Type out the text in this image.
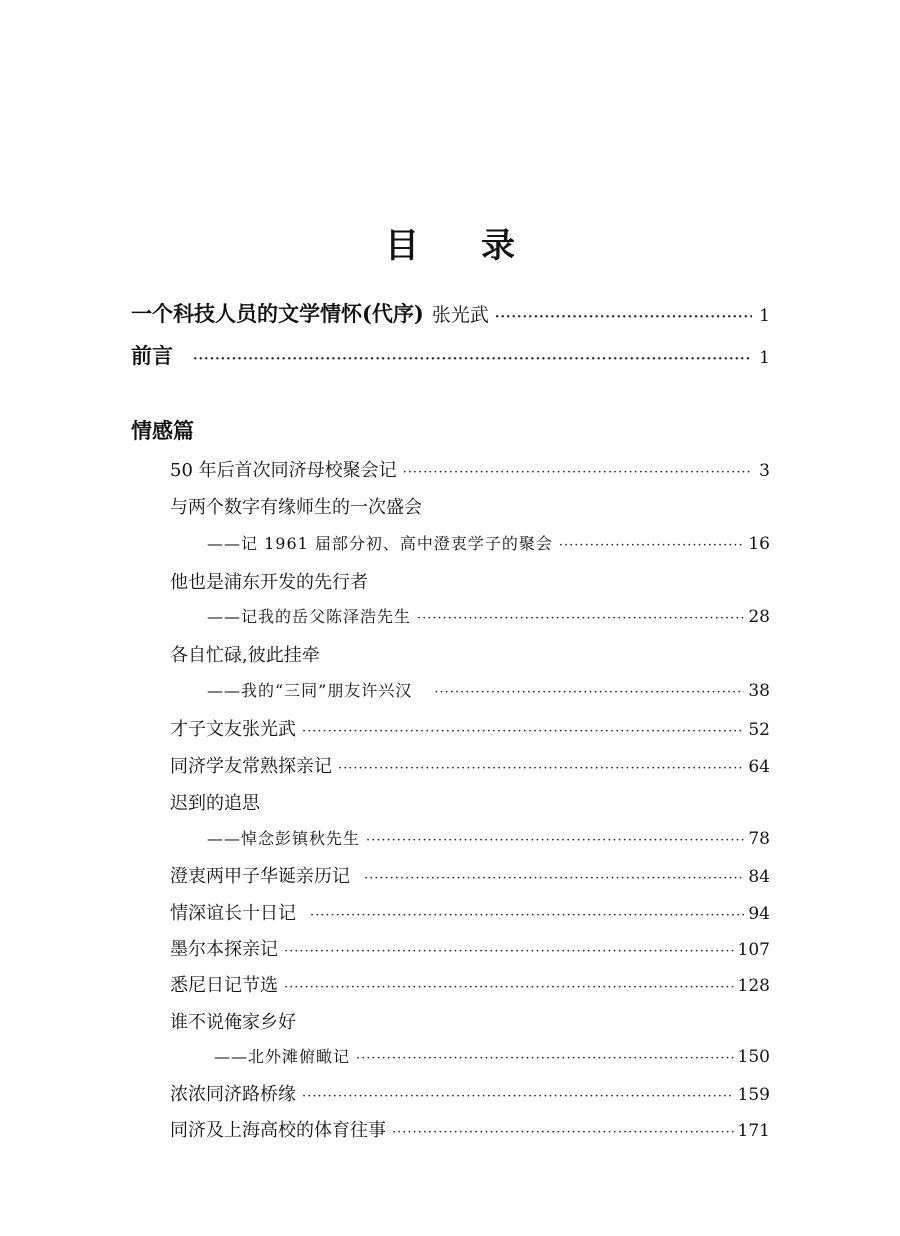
目 录
一个科技人员的文学情怀(代序) 张光武 ·····	1
前言 ·····	1
情感篇
50 年后首次同济母校聚会记 ·····	3
与两个数字有缘师生的一次盛会
——记 1961 届部分初、高中澄衷学子的聚会 ·····	16
他也是浦东开发的先行者
——记我的岳父陈泽浩先生 ·····	28
各自忙碌,彼此挂牵
——我的“三同”朋友许兴汉 ·····	38
才子文友张光武 ·····	52
同济学友常熟探亲记 ·····	64
迟到的追思
——悼念彭镇秋先生 ·····	78
澄衷两甲子华诞亲历记 ·····	84
情深谊长十日记 ·····	94
墨尔本探亲记 ·····	107
悉尼日记节选 ·····	128
谁不说俺家乡好
——北外滩俯瞰记 ·····	150
浓浓同济路桥缘 ·····	159
同济及上海高校的体育往事 ·····	171
